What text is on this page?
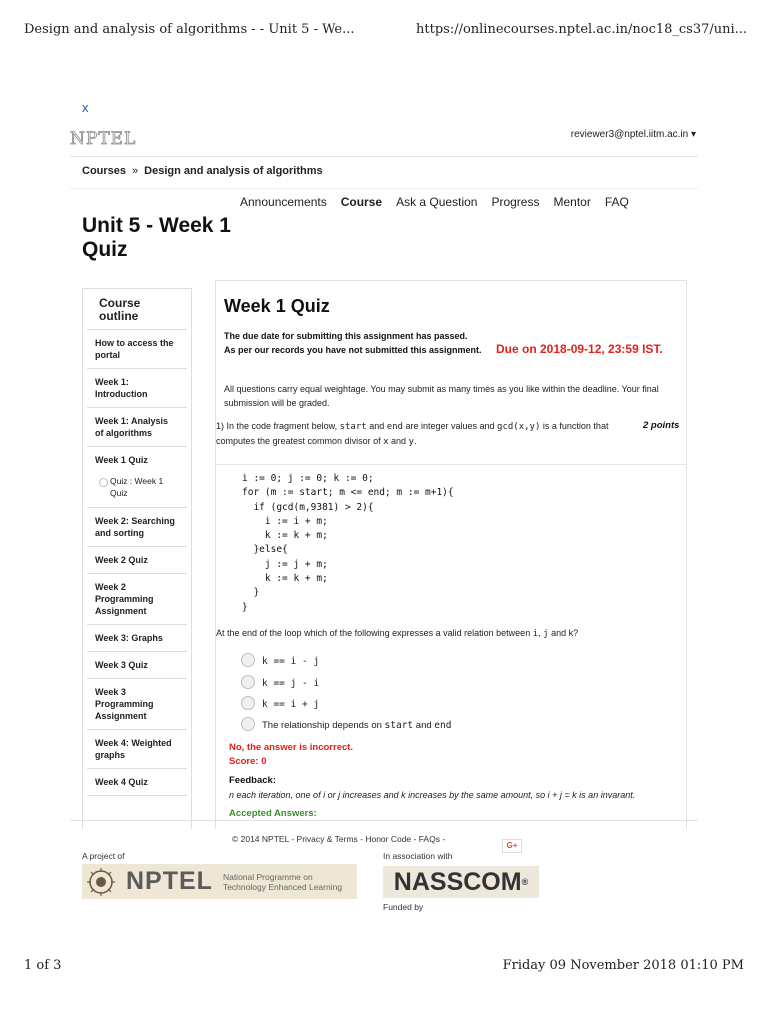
Design and analysis of algorithms - - Unit 5 - We...	https://onlinecourses.nptel.ac.in/noc18_cs37/uni...
x
NPTEL	reviewer3@nptel.iitm.ac.in ▾
Courses » Design and analysis of algorithms
Announcements Course Ask a Question Progress Mentor FAQ
Unit 5 - Week 1 Quiz
Course outline
How to access the portal
Week 1: Introduction
Week 1: Analysis of algorithms
Week 1 Quiz
Quiz : Week 1 Quiz
Week 2: Searching and sorting
Week 2 Quiz
Week 2 Programming Assignment
Week 3: Graphs
Week 3 Quiz
Week 3 Programming Assignment
Week 4: Weighted graphs
Week 4 Quiz
Week 1 Quiz
The due date for submitting this assignment has passed.
As per our records you have not submitted this assignment.	Due on 2018-09-12, 23:59 IST.
All questions carry equal weightage. You may submit as many times as you like within the deadline. Your final submission will be graded.
1) In the code fragment below, start and end are integer values and gcd(x,y) is a function that computes the greatest common divisor of x and y.
2 points
i := 0; j := 0; k := 0;
for (m := start; m <= end; m := m+1){
if (gcd(m,9381) > 2){
i := i + m;
k := k + m;
}else{
j := j + m;
k := k + m;
}
}
At the end of the loop which of the following expresses a valid relation between i, j and k?
k == i - j
k == j - i
k == i + j
The relationship depends on start and end
No, the answer is incorrect.
Score: 0
Feedback:
n each iteration, one of i or j increases and k increases by the same amount, so i + j = k is an invarant.
Accepted Answers:
© 2014 NPTEL - Privacy & Terms - Honor Code - FAQs -
G+
A project of	In association with
NPTEL National Programme on
Technology Enhanced Learning NASSCOM ®
Funded by
1 of 3	Friday 09 November 2018 01:10 PM
